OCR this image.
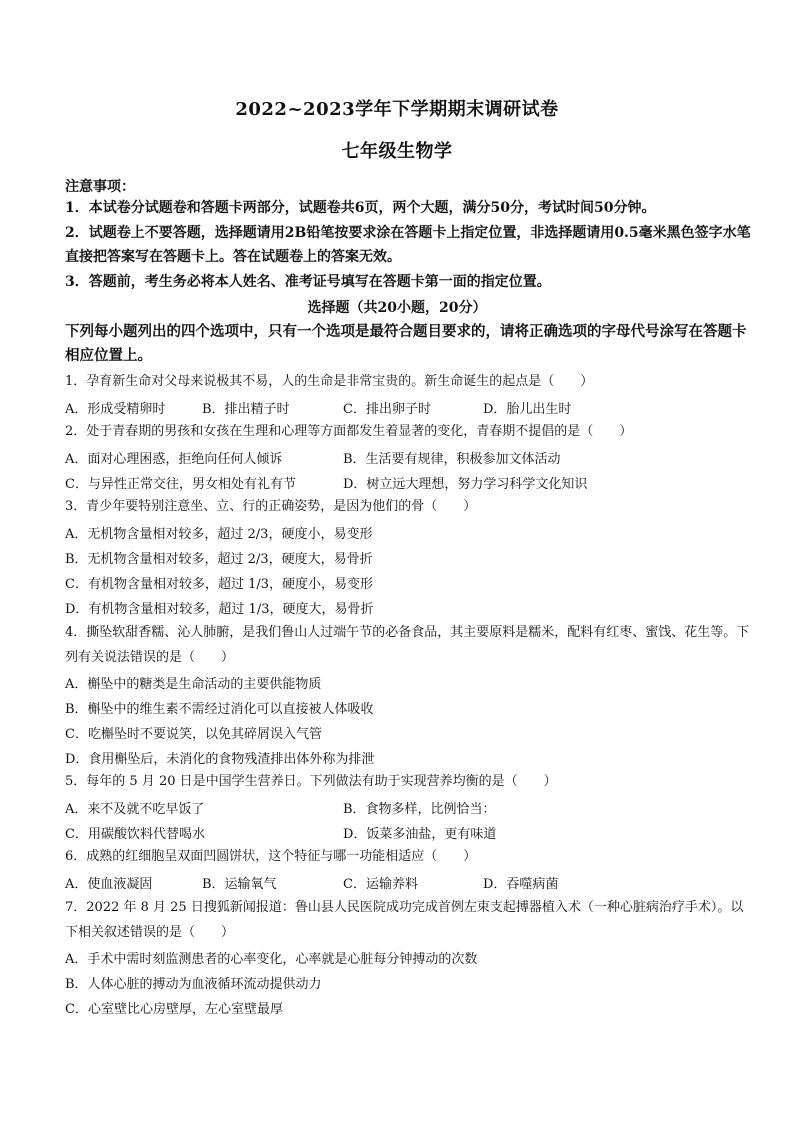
2022~2023学年下学期期末调研试卷
七年级生物学
注意事项：
1．本试卷分试题卷和答题卡两部分，试题卷共6页，两个大题，满分50分，考试时间50分钟。
2．试题卷上不要答题，选择题请用2B铅笔按要求涂在答题卡上指定位置，非选择题请用0.5毫米黑色签字水笔直接把答案写在答题卡上。答在试题卷上的答案无效。
3．答题前，考生务必将本人姓名、准考证号填写在答题卡第一面的指定位置。
选择题（共20小题，20分）
下列每小题列出的四个选项中，只有一个选项是最符合题目要求的，请将正确选项的字母代号涂写在答题卡相应位置上。
1．孕育新生命对父母来说极其不易，人的生命是非常宝贵的。新生命诞生的起点是（　　）
A．形成受精卵时	B．排出精子时	C．排出卵子时	D．胎儿出生时
2．处于青春期的男孩和女孩在生理和心理等方面都发生着显著的变化，青春期不提倡的是（　　）
A．面对心理困惑，拒绝向任何人倾诉	B．生活要有规律，积极参加文体活动
C．与异性正常交往，男女相处有礼有节	D．树立远大理想，努力学习科学文化知识
3．青少年要特别注意坐、立、行的正确姿势，是因为他们的骨（　　）
A．无机物含量相对较多，超过 2/3，硬度小，易变形
B．无机物含量相对较多，超过 2/3，硬度大，易骨折
C．有机物含量相对较多，超过 1/3，硬度小，易变形
D．有机物含量相对较多，超过 1/3，硬度大，易骨折
4．撕坠软甜香糯、沁人肺腑，是我们鲁山人过端午节的必备食品，其主要原料是糯米，配料有红枣、蜜饯、花生等。下列有关说法错误的是（　　）
A．槲坠中的糖类是生命活动的主要供能物质
B．槲坠中的维生素不需经过消化可以直接被人体吸收
C．吃槲坠时不要说笑，以免其碎屑误入气管
D．食用槲坠后，未消化的食物残渣排出体外称为排泄
5．每年的 5 月 20 日是中国学生营养日。下列做法有助于实现营养均衡的是（　　）
A．来不及就不吃早饭了	B．食物多样，比例恰当：
C．用碳酸饮料代替喝水	D．饭菜多油盐，更有味道
6．成熟的红细胞呈双面凹圆饼状，这个特征与哪一功能相适应（　　）
A．使血液凝固	B．运输氧气	C．运输养料	D．吞噬病菌
7．2022 年 8 月 25 日搜狐新闻报道：鲁山县人民医院成功完成首例左束支起搏器植入术（一种心脏病治疗手术）。以下相关叙述错误的是（　　）
A．手术中需时刻监测患者的心率变化，心率就是心脏每分钟搏动的次数
B．人体心脏的搏动为血液循环流动提供动力
C．心室壁比心房壁厚，左心室壁最厚
